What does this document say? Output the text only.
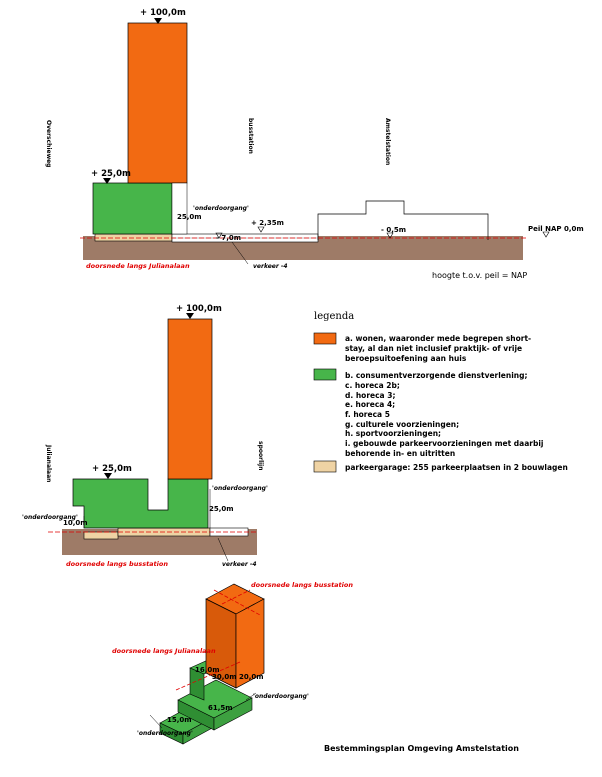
+ 100,0m
+ 25,0m
25,0m
'onderdoorgang'
+ 2,35m
- 7,0m
- 0,5m	Peil NAP 0,0m
verkeer -4
doorsnede langs Julianalaan
hoogte t.o.v. peil = NAP
Overschieweg	busstation	Amstelstation
+ 100,0m
+ 25,0m
10,0m
25,0m
'onderdoorgang'
'onderdoorgang'
verkeer -4
doorsnede langs busstation
Julianalaan	spoorlijn
legenda
a. wonen, waaronder mede begrepen short-
stay, al dan niet inclusief praktijk- of vrije
beroepsuitoefening aan huis
b. consumentverzorgende dienstverlening;
c. horeca 2b;
d. horeca 3;
e. horeca 4;
f. horeca 5
g. culturele voorzieningen;
h. sportvoorzieningen;
i. gebouwde parkeervoorzieningen met daarbij
behorende in- en uitritten
parkeergarage: 255 parkeerplaatsen in 2 bouwlagen
doorsnede langs busstation
doorsnede langs Julianalaan
16,0m
30,0m 20,0m
61,5m
15,0m
'onderdoorgang'
'onderdoorgang'
Bestemmingsplan Omgeving Amstelstation
